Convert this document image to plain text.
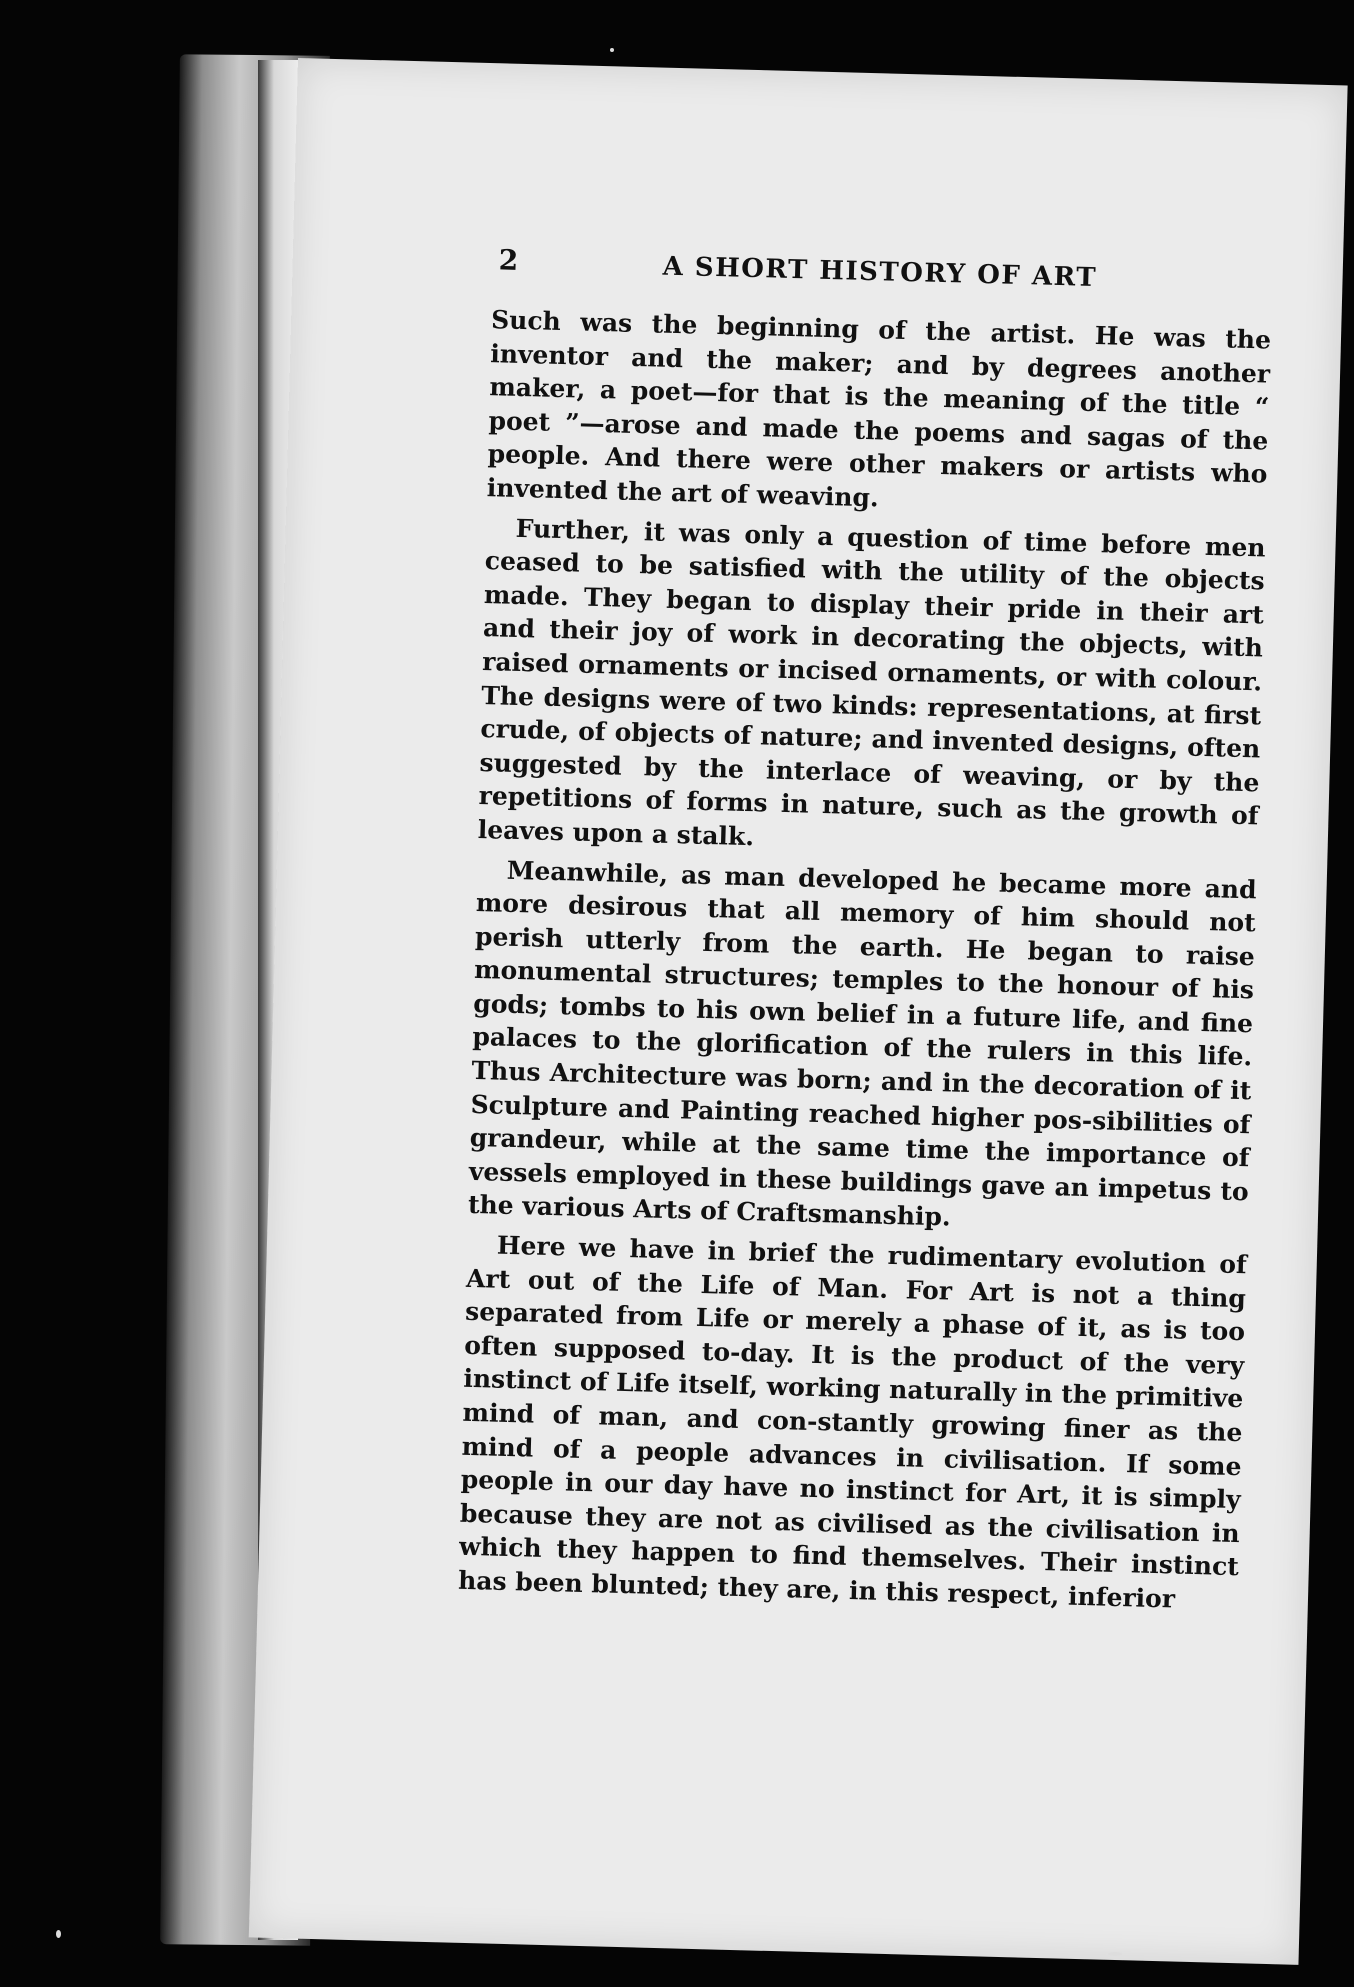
2	A SHORT HISTORY OF ART

Such was the beginning of the artist. He was the inventor and the maker; and by degrees another maker, a poet—for that is the meaning of the title “ poet ”—arose and made the poems and sagas of the people. And there were other makers or artists who invented the art of weaving.

Further, it was only a question of time before men ceased to be satisfied with the utility of the objects made. They began to display their pride in their art and their joy of work in decorating the objects, with raised ornaments or incised ornaments, or with colour. The designs were of two kinds: representations, at first crude, of objects of nature; and invented designs, often suggested by the interlace of weaving, or by the repetitions of forms in nature, such as the growth of leaves upon a stalk.

Meanwhile, as man developed he became more and more desirous that all memory of him should not perish utterly from the earth. He began to raise monumental structures; temples to the honour of his gods; tombs to his own belief in a future life, and fine palaces to the glorification of the rulers in this life. Thus Architecture was born; and in the decoration of it Sculpture and Painting reached higher pos-sibilities of grandeur, while at the same time the importance of vessels employed in these buildings gave an impetus to the various Arts of Craftsmanship.

Here we have in brief the rudimentary evolution of Art out of the Life of Man. For Art is not a thing separated from Life or merely a phase of it, as is too often supposed to-day. It is the product of the very instinct of Life itself, working naturally in the primitive mind of man, and con-stantly growing finer as the mind of a people advances in civilisation. If some people in our day have no instinct for Art, it is simply because they are not as civilised as the civilisation in which they happen to find themselves. Their instinct has been blunted; they are, in this respect, inferior
